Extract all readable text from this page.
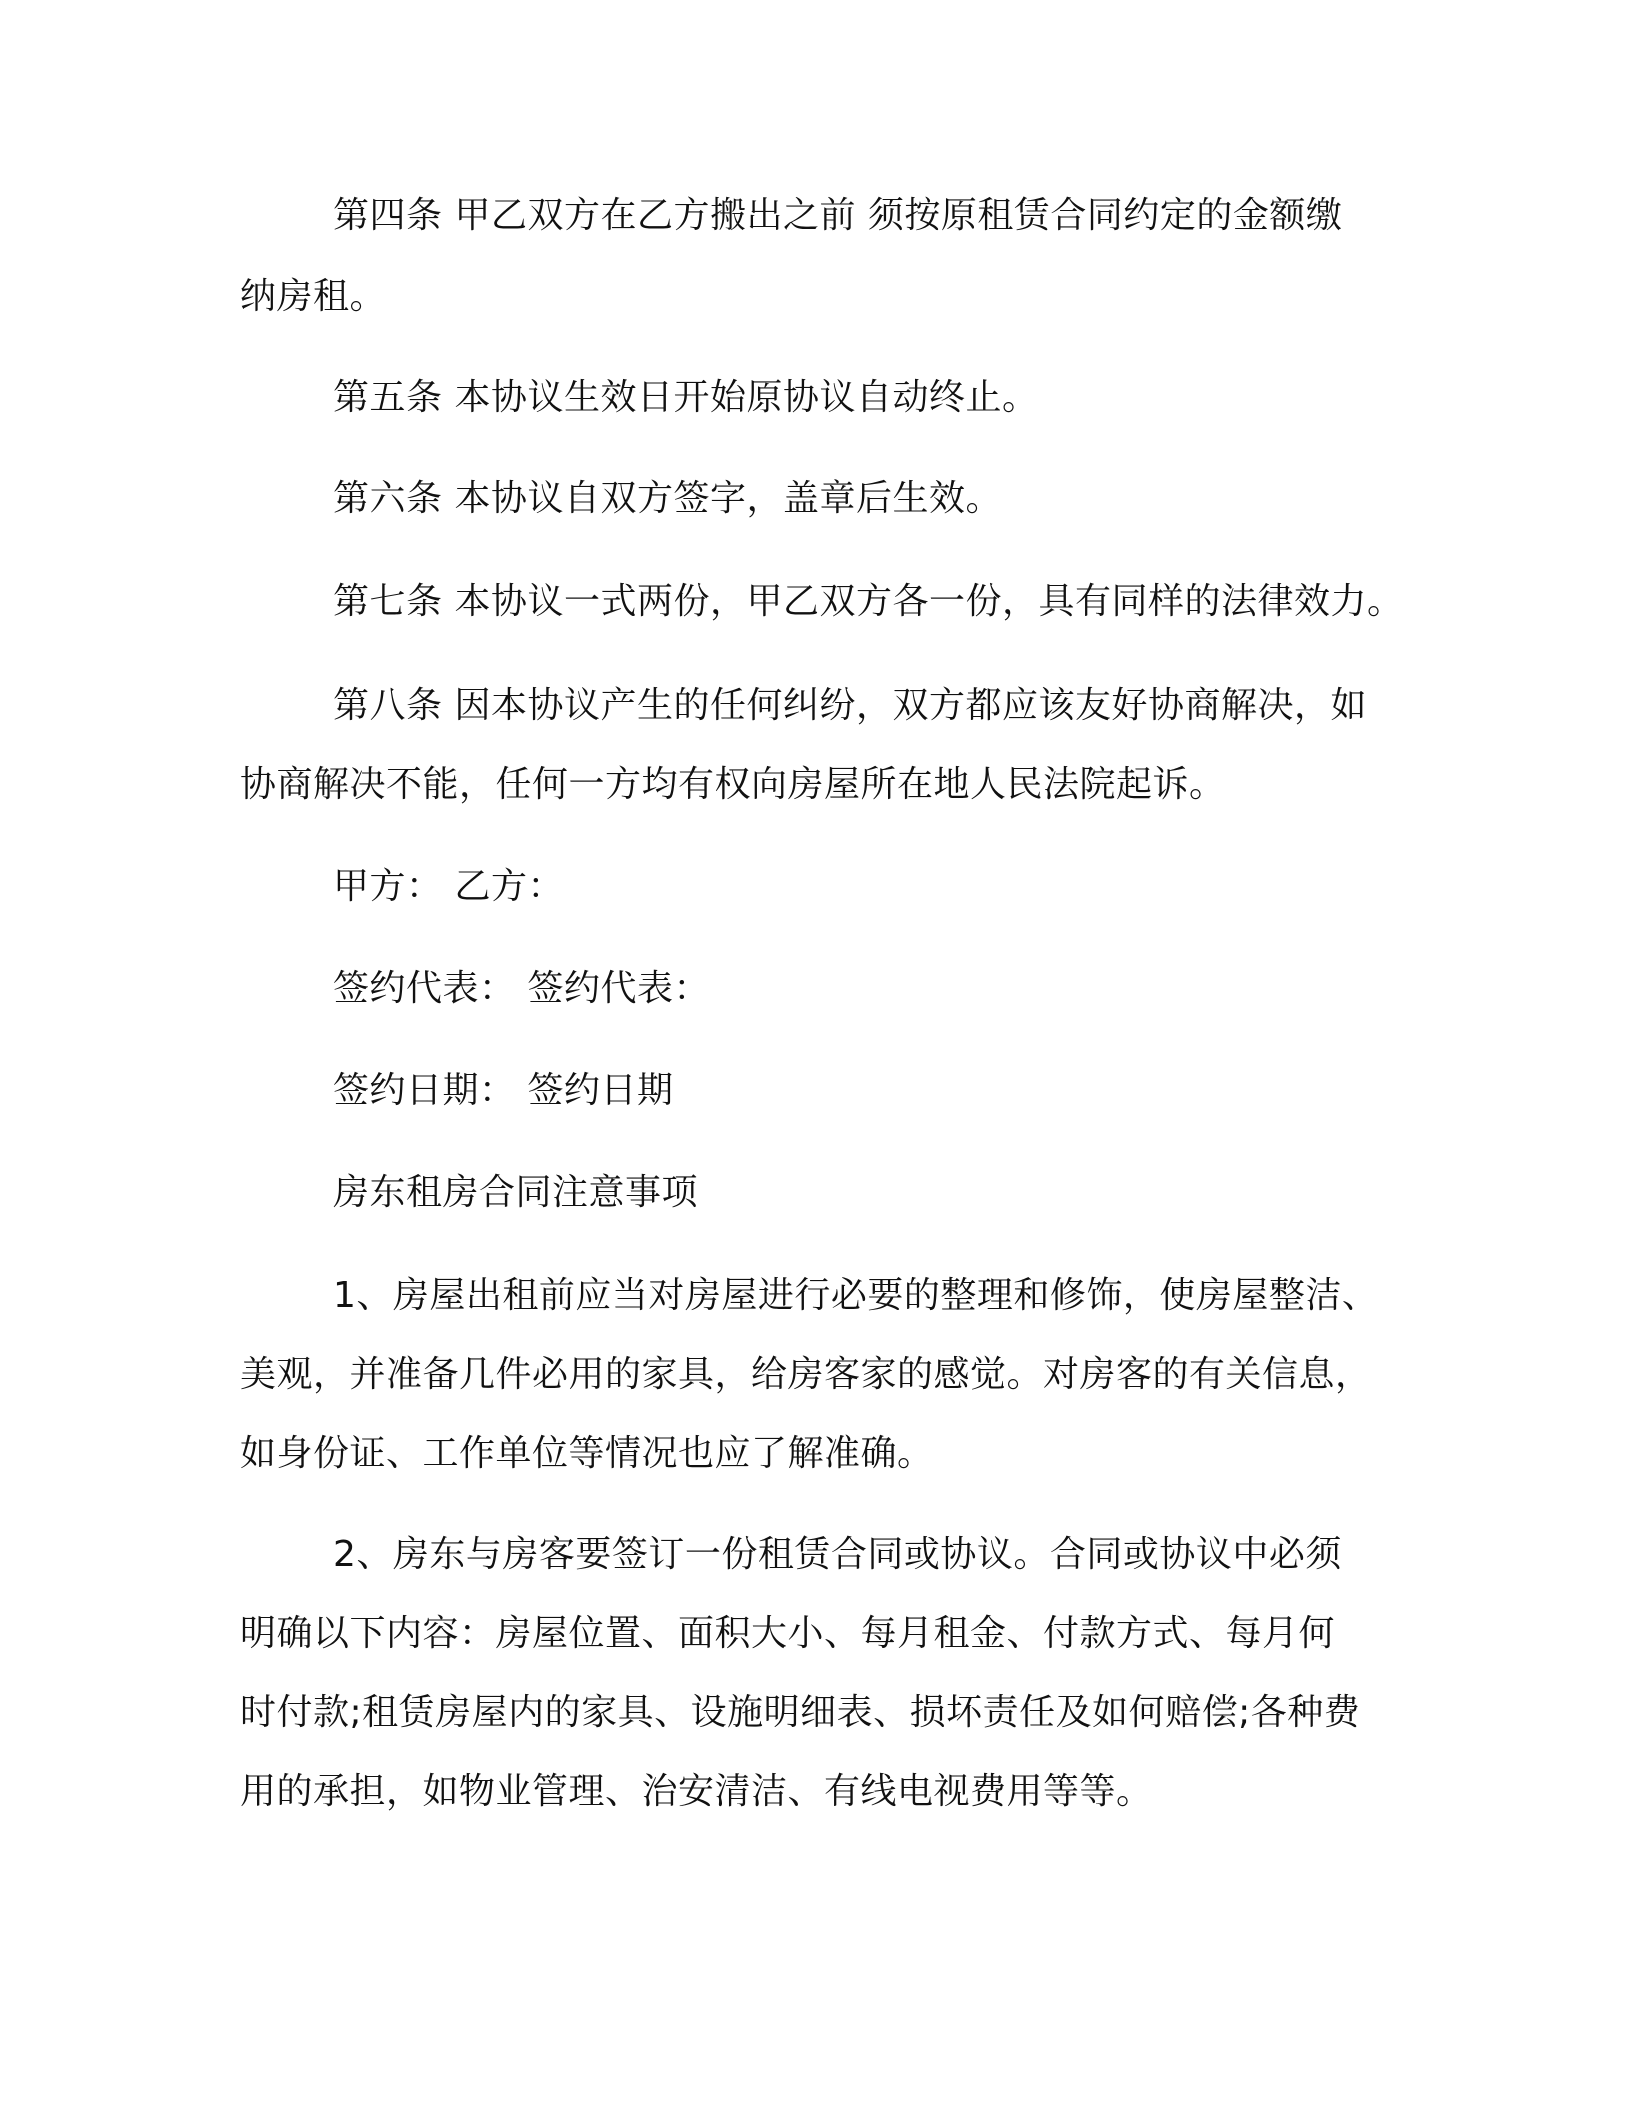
第四条 甲乙双方在乙方搬出之前 须按原租赁合同约定的金额缴
纳房租。
第五条 本协议生效日开始原协议自动终止。
第六条 本协议自双方签字，盖章后生效。
第七条 本协议一式两份，甲乙双方各一份，具有同样的法律效力。
第八条 因本协议产生的任何纠纷，双方都应该友好协商解决，如
协商解决不能，任何一方均有权向房屋所在地人民法院起诉。
甲方： 乙方：
签约代表： 签约代表：
签约日期： 签约日期
房东租房合同注意事项
1、房屋出租前应当对房屋进行必要的整理和修饰，使房屋整洁、
美观，并准备几件必用的家具，给房客家的感觉。对房客的有关信息，
如身份证、工作单位等情况也应了解准确。
2、房东与房客要签订一份租赁合同或协议。合同或协议中必须
明确以下内容：房屋位置、面积大小、每月租金、付款方式、每月何
时付款;租赁房屋内的家具、设施明细表、损坏责任及如何赔偿;各种费
用的承担，如物业管理、治安清洁、有线电视费用等等。
